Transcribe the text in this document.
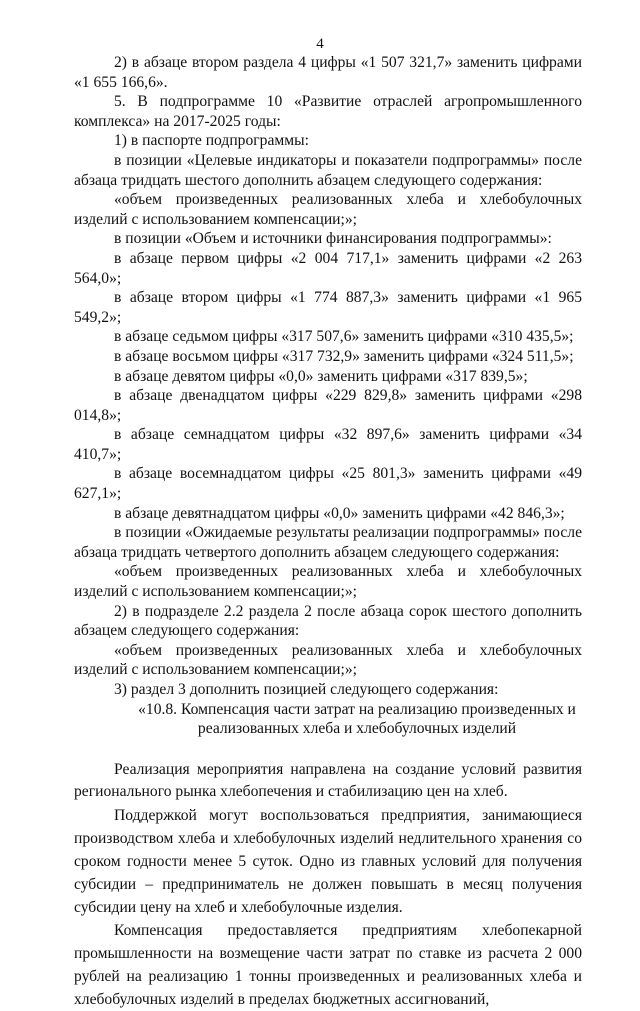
4

2) в абзаце втором раздела 4 цифры «1 507 321,7» заменить цифрами «1 655 166,6».

5. В подпрограмме 10 «Развитие отраслей агропромышленного комплекса» на 2017-2025 годы:

1) в паспорте подпрограммы:

в позиции «Целевые индикаторы и показатели подпрограммы» после абзаца тридцать шестого дополнить абзацем следующего содержания:

«объем произведенных реализованных хлеба и хлебобулочных изделий с использованием компенсации;»;

в позиции «Объем и источники финансирования подпрограммы»:

в абзаце первом цифры «2 004 717,1» заменить цифрами «2 263 564,0»;

в абзаце втором цифры «1 774 887,3» заменить цифрами «1 965 549,2»;

в абзаце седьмом цифры «317 507,6» заменить цифрами «310 435,5»;

в абзаце восьмом цифры «317 732,9» заменить цифрами «324 511,5»;

в абзаце девятом цифры «0,0» заменить цифрами «317 839,5»;

в абзаце двенадцатом цифры «229 829,8» заменить цифрами «298 014,8»;

в абзаце семнадцатом цифры «32 897,6» заменить цифрами «34 410,7»;

в абзаце восемнадцатом цифры «25 801,3» заменить цифрами «49 627,1»;

в абзаце девятнадцатом цифры «0,0» заменить цифрами «42 846,3»;

в позиции «Ожидаемые результаты реализации подпрограммы» после абзаца тридцать четвертого дополнить абзацем следующего содержания:

«объем произведенных реализованных хлеба и хлебобулочных изделий с использованием компенсации;»;

2) в подразделе 2.2 раздела 2 после абзаца сорок шестого дополнить абзацем следующего содержания:

«объем произведенных реализованных хлеба и хлебобулочных изделий с использованием компенсации;»;

3) раздел 3 дополнить позицией следующего содержания:

«10.8. Компенсация части затрат на реализацию произведенных и
реализованных хлеба и хлебобулочных изделий

Реализация мероприятия направлена на создание условий развития регионального рынка хлебопечения и стабилизацию цен на хлеб.

Поддержкой могут воспользоваться предприятия, занимающиеся производством хлеба и хлебобулочных изделий недлительного хранения со сроком годности менее 5 суток. Одно из главных условий для получения субсидии – предприниматель не должен повышать в месяц получения субсидии цену на хлеб и хлебобулочные изделия.

Компенсация предоставляется предприятиям хлебопекарной промышленности на возмещение части затрат по ставке из расчета 2 000 рублей на реализацию 1 тонны произведенных и реализованных хлеба и хлебобулочных изделий в пределах бюджетных ассигнований,
